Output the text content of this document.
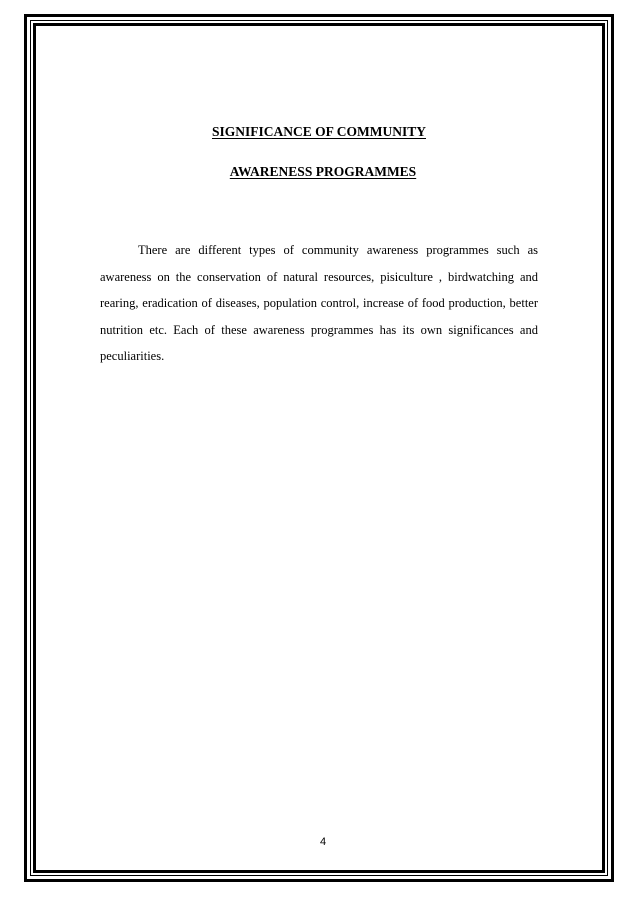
SIGNIFICANCE OF COMMUNITY
AWARENESS PROGRAMMES

There are different types of community awareness programmes such as awareness on the conservation of natural resources, pisiculture , birdwatching and rearing, eradication of diseases, population control, increase of food production, better nutrition etc. Each of these awareness programmes has its own significances and peculiarities.

4
